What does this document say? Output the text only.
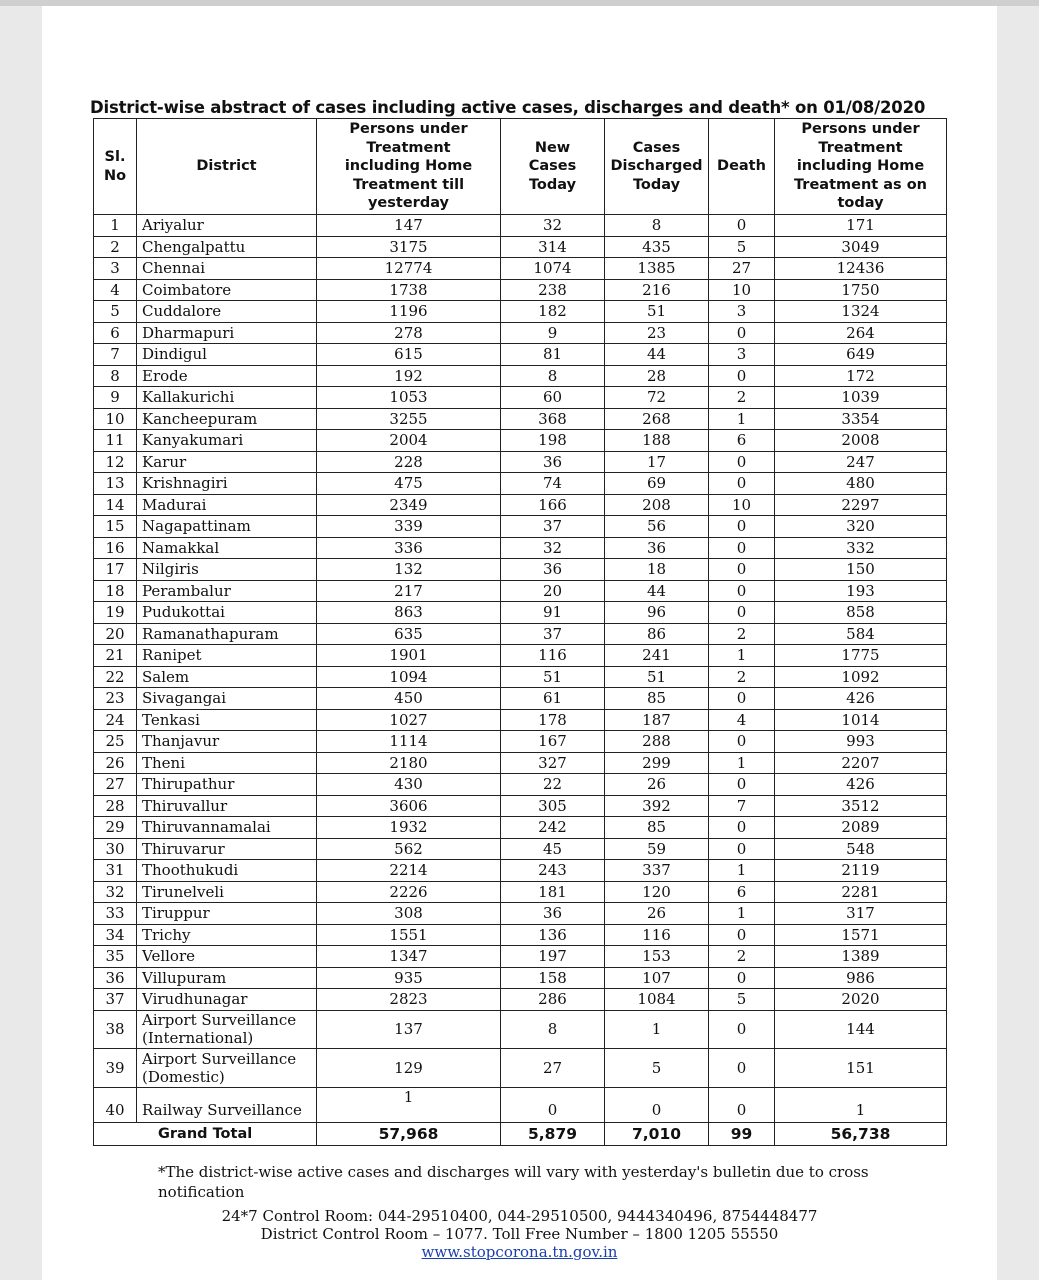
District-wise abstract of cases including active cases, discharges and death* on 01/08/2020
Sl. No	District	Persons under Treatment including Home Treatment till yesterday	New Cases Today	Cases Discharged Today	Death	Persons under Treatment including Home Treatment as on today
1	Ariyalur	147	32	8	0	171
2	Chengalpattu	3175	314	435	5	3049
3	Chennai	12774	1074	1385	27	12436
4	Coimbatore	1738	238	216	10	1750
5	Cuddalore	1196	182	51	3	1324
6	Dharmapuri	278	9	23	0	264
7	Dindigul	615	81	44	3	649
8	Erode	192	8	28	0	172
9	Kallakurichi	1053	60	72	2	1039
10	Kancheepuram	3255	368	268	1	3354
11	Kanyakumari	2004	198	188	6	2008
12	Karur	228	36	17	0	247
13	Krishnagiri	475	74	69	0	480
14	Madurai	2349	166	208	10	2297
15	Nagapattinam	339	37	56	0	320
16	Namakkal	336	32	36	0	332
17	Nilgiris	132	36	18	0	150
18	Perambalur	217	20	44	0	193
19	Pudukottai	863	91	96	0	858
20	Ramanathapuram	635	37	86	2	584
21	Ranipet	1901	116	241	1	1775
22	Salem	1094	51	51	2	1092
23	Sivagangai	450	61	85	0	426
24	Tenkasi	1027	178	187	4	1014
25	Thanjavur	1114	167	288	0	993
26	Theni	2180	327	299	1	2207
27	Thirupathur	430	22	26	0	426
28	Thiruvallur	3606	305	392	7	3512
29	Thiruvannamalai	1932	242	85	0	2089
30	Thiruvarur	562	45	59	0	548
31	Thoothukudi	2214	243	337	1	2119
32	Tirunelveli	2226	181	120	6	2281
33	Tiruppur	308	36	26	1	317
34	Trichy	1551	136	116	0	1571
35	Vellore	1347	197	153	2	1389
36	Villupuram	935	158	107	0	986
37	Virudhunagar	2823	286	1084	5	2020
38	Airport Surveillance (International)	137	8	1	0	144
39	Airport Surveillance (Domestic)	129	27	5	0	151
40	Railway Surveillance	1	0	0	0	1
Grand Total		57,968	5,879	7,010	99	56,738
*The district-wise active cases and discharges will vary with yesterday's bulletin due to cross notification
24*7 Control Room: 044-29510400, 044-29510500, 9444340496, 8754448477
District Control Room – 1077. Toll Free Number – 1800 1205 55550
www.stopcorona.tn.gov.in
